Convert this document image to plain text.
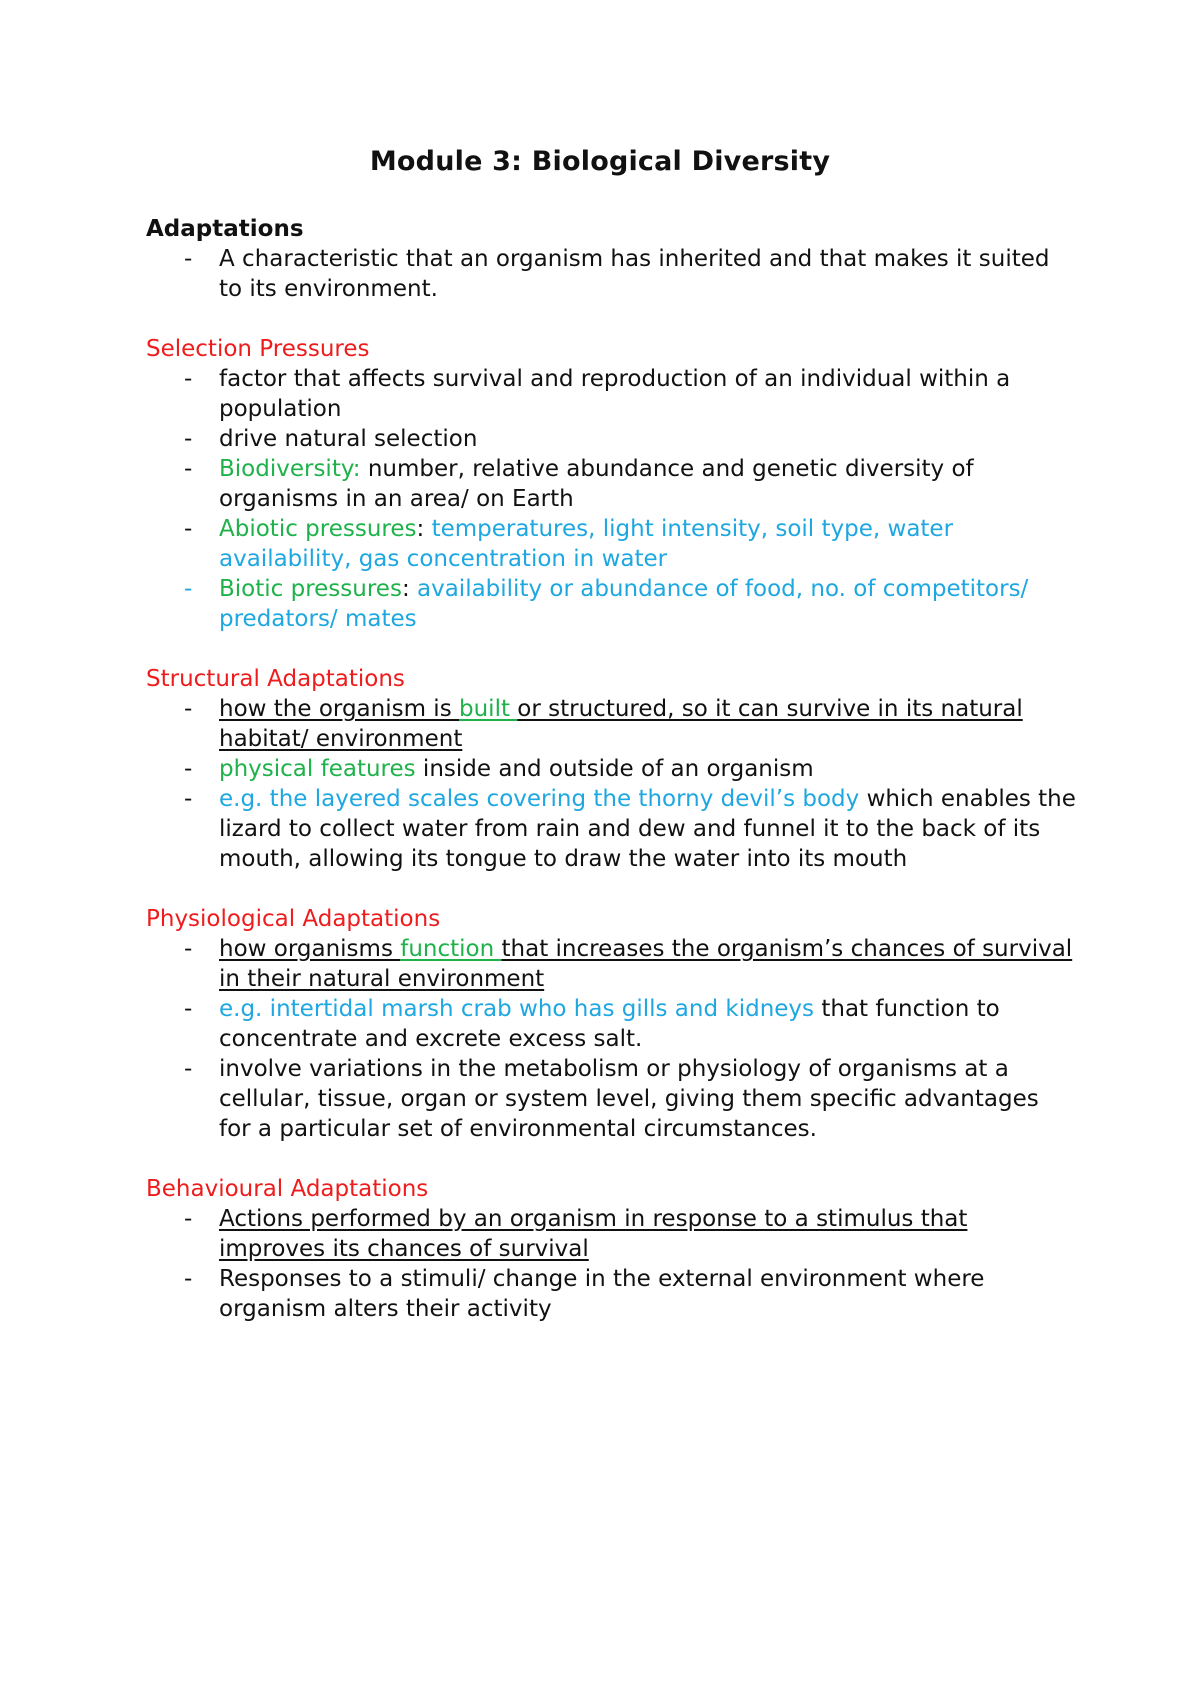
Module 3: Biological Diversity

Adaptations

- A characteristic that an organism has inherited and that makes it suited to its environment.

Selection Pressures

- factor that affects survival and reproduction of an individual within a population
- drive natural selection
- Biodiversity: number, relative abundance and genetic diversity of organisms in an area/ on Earth
- Abiotic pressures: temperatures, light intensity, soil type, water availability, gas concentration in water
- Biotic pressures: availability or abundance of food, no. of competitors/ predators/ mates

Structural Adaptations

- how the organism is built or structured, so it can survive in its natural habitat/ environment
- physical features inside and outside of an organism
- e.g. the layered scales covering the thorny devil’s body which enables the lizard to collect water from rain and dew and funnel it to the back of its mouth, allowing its tongue to draw the water into its mouth

Physiological Adaptations

- how organisms function that increases the organism’s chances of survival in their natural environment
- e.g. intertidal marsh crab who has gills and kidneys that function to concentrate and excrete excess salt.
- involve variations in the metabolism or physiology of organisms at a cellular, tissue, organ or system level, giving them specific advantages for a particular set of environmental circumstances.

Behavioural Adaptations

- Actions performed by an organism in response to a stimulus that improves its chances of survival
- Responses to a stimuli/ change in the external environment where organism alters their activity
